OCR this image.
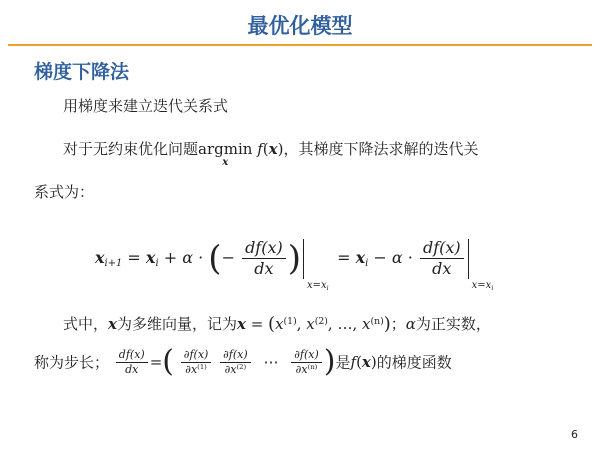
最优化模型
梯度下降法
用梯度来建立迭代关系式
对于无约束优化问题argmin
x
f(x)，其梯度下降法求解的迭代关
系式为：
$x_{i+1} = x_i + \alpha$ · (− $\frac{df(x)}{dx}$ )
$x=x_i$
= $x_i - \alpha \cdot \frac{df(x)}{dx}$
$x=x_i$
式中，x为多维向量，记为$x = (x^{(1)}$, $x^{(2)}$, …, $x^{(n)}$)；α为正实数，
称为步长； $\frac{df(x)}{dx}$ =( $\frac{\partial f(x)}{\partial x^{(1)}}$
$\frac{\partial f(x)}{\partial x^{(2)}}$ ⋯ $\frac{\partial f(x)}{\partial x^{(n)}}$ )是f(x)的梯度函数
6
